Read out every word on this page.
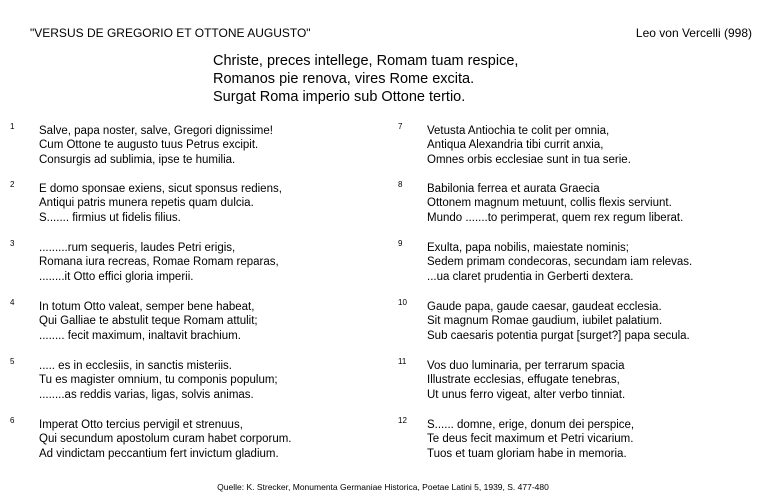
"VERSUS DE GREGORIO ET OTTONE AUGUSTO"	Leo von Vercelli (998)
Christe, preces intellege, Romam tuam respice,
Romanos pie renova, vires Rome excita.
Surgat Roma imperio sub Ottone tertio.
1 Salve, papa noster, salve, Gregori dignissime!
Cum Ottone te augusto tuus Petrus excipit.
Consurgis ad sublimia, ipse te humilia.
2 E domo sponsae exiens, sicut sponsus rediens,
Antiqui patris munera repetis quam dulcia.
S....... firmius ut fidelis filius.
3 .........rum sequeris, laudes Petri erigis,
Romana iura recreas, Romae Romam reparas,
........it Otto effici gloria imperii.
4 In totum Otto valeat, semper bene habeat,
Qui Galliae te abstulit teque Romam attulit;
........ fecit maximum, inaltavit brachium.
5 ..... es in ecclesiis, in sanctis misteriis.
Tu es magister omnium, tu componis populum;
........as reddis varias, ligas, solvis animas.
6 Imperat Otto tercius pervigil et strenuus,
Qui secundum apostolum curam habet corporum.
Ad vindictam peccantium fert invictum gladium.
7 Vetusta Antiochia te colit per omnia,
Antiqua Alexandria tibi currit anxia,
Omnes orbis ecclesiae sunt in tua serie.
8 Babilonia ferrea et aurata Graecia
Ottonem magnum metuunt, collis flexis serviunt.
Mundo .......to perimperat, quem rex regum liberat.
9 Exulta, papa nobilis, maiestate nominis;
Sedem primam condecoras, secundam iam relevas.
...ua claret prudentia in Gerberti dextera.
10 Gaude papa, gaude caesar, gaudeat ecclesia.
Sit magnum Romae gaudium, iubilet palatium.
Sub caesaris potentia purgat [surget?] papa secula.
11 Vos duo luminaria, per terrarum spacia
Illustrate ecclesias, effugate tenebras,
Ut unus ferro vigeat, alter verbo tinniat.
12 S...... domne, erige, donum dei perspice,
Te deus fecit maximum et Petri vicarium.
Tuos et tuam gloriam habe in memoria.
Quelle: K. Strecker, Monumenta Germaniae Historica, Poetae Latini 5, 1939, S. 477-480
